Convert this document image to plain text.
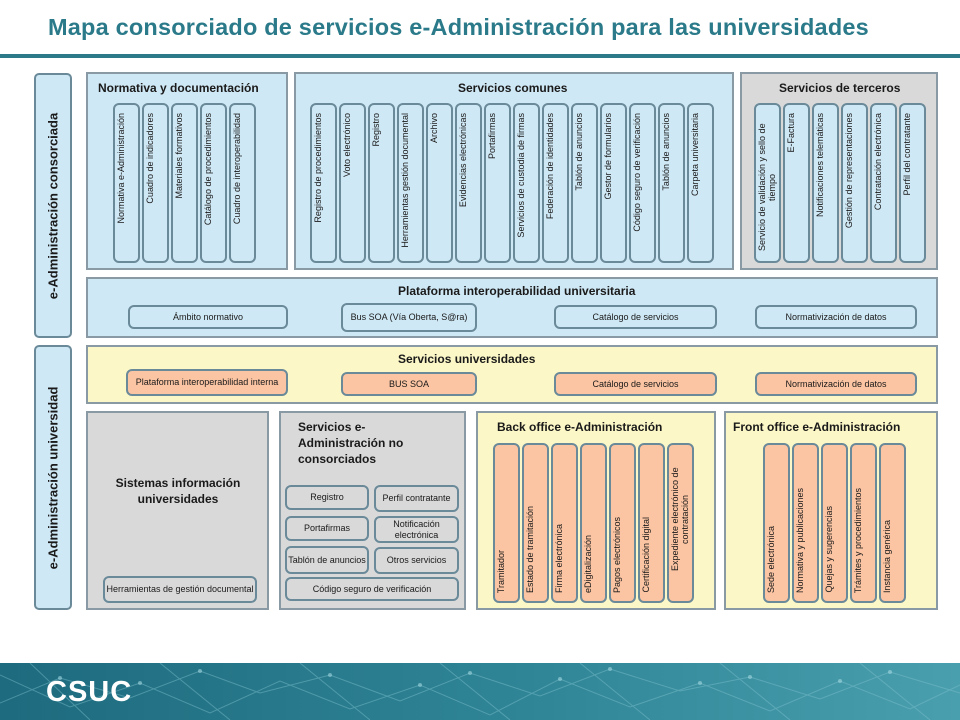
Mapa consorciado de servicios e-Administración para las universidades
e-Administración consorciada
e-Administración universidad
Normativa y documentación
Normativa e-Administración	Cuadro de indicadores	Materiales formativos	Catálogo de procedimientos	Cuadro de interoperabilidad
Servicios comunes
Registro de procedimientos	Voto electrónico	Registro	Herramientas gestión documental	Archivo	Evidencias electrónicas	Portafirmas	Servicios de custodia de firmas	Federación de identidades	Tablón de anuncios	Gestor de formularios	Código seguro de verificación	Tablón de anuncios	Carpeta universitaria
Servicios de terceros
Servicio de validación y sello de tiempo
E-Factura	Notificaciones telemáticas	Gestión de representaciones	Contratación electrónica	Perfil del contratante
Plataforma interoperabilidad universitaria
Ámbito normativo	Bus SOA (Vía Oberta, S@ra)	Catálogo de servicios	Normativización de datos
Servicios universidades
Plataforma interoperabilidad interna	BUS SOA	Catálogo de servicios	Normativización de datos
Sistemas información universidades
Herramientas de gestión documental
Servicios e-Administración no consorciados
Registro	Perfil contratante
Portafirmas	Notificación electrónica
Tablón de anuncios Otros servicios
Código seguro de verificación
Back office e-Administración
Tramitador	Estado de tramitación	Firma electrónica	eDigitalización	Pagos electrónicos	Certificación digital	Expediente electrónico de contratación
Front office e-Administración
Sede electrónica	Normativa y publicaciones	Quejas y sugerencias	Trámites y procedimientos	Instancia genérica
CSUC
